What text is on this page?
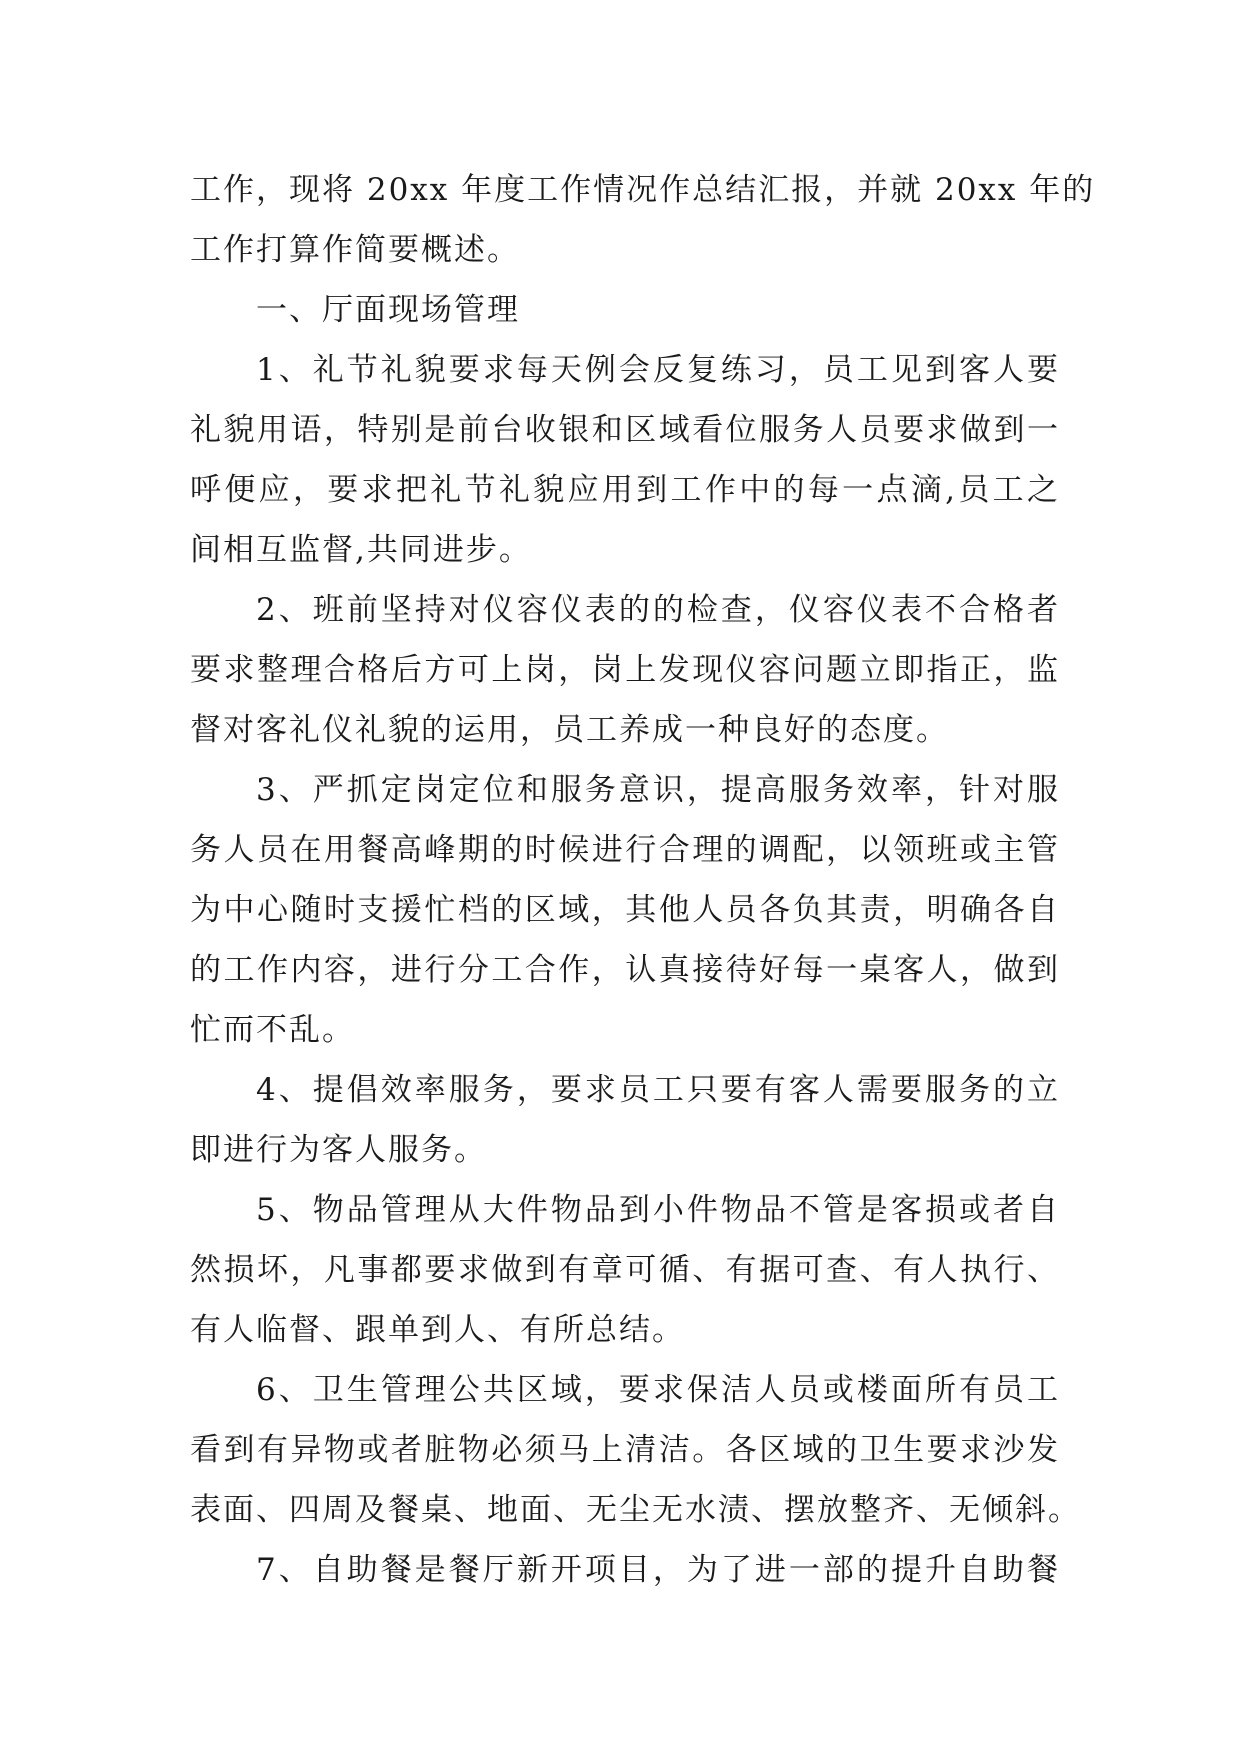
工作，现将 20xx 年度工作情况作总结汇报，并就 20xx 年的
工作打算作简要概述。
一、厅面现场管理
1、礼节礼貌要求每天例会反复练习，员工见到客人要
礼貌用语，特别是前台收银和区域看位服务人员要求做到一
呼便应，要求把礼节礼貌应用到工作中的每一点滴,员工之
间相互监督,共同进步。
2、班前坚持对仪容仪表的的检查，仪容仪表不合格者
要求整理合格后方可上岗，岗上发现仪容问题立即指正，监
督对客礼仪礼貌的运用，员工养成一种良好的态度。
3、严抓定岗定位和服务意识，提高服务效率，针对服
务人员在用餐高峰期的时候进行合理的调配，以领班或主管
为中心随时支援忙档的区域，其他人员各负其责，明确各自
的工作内容，进行分工合作，认真接待好每一桌客人，做到
忙而不乱。
4、提倡效率服务，要求员工只要有客人需要服务的立
即进行为客人服务。
5、物品管理从大件物品到小件物品不管是客损或者自
然损坏，凡事都要求做到有章可循、有据可查、有人执行、
有人临督、跟单到人、有所总结。
6、卫生管理公共区域，要求保洁人员或楼面所有员工
看到有异物或者脏物必须马上清洁。各区域的卫生要求沙发
表面、四周及餐桌、地面、无尘无水渍、摆放整齐、无倾斜。
7、自助餐是餐厅新开项目，为了进一部的提升自助餐
